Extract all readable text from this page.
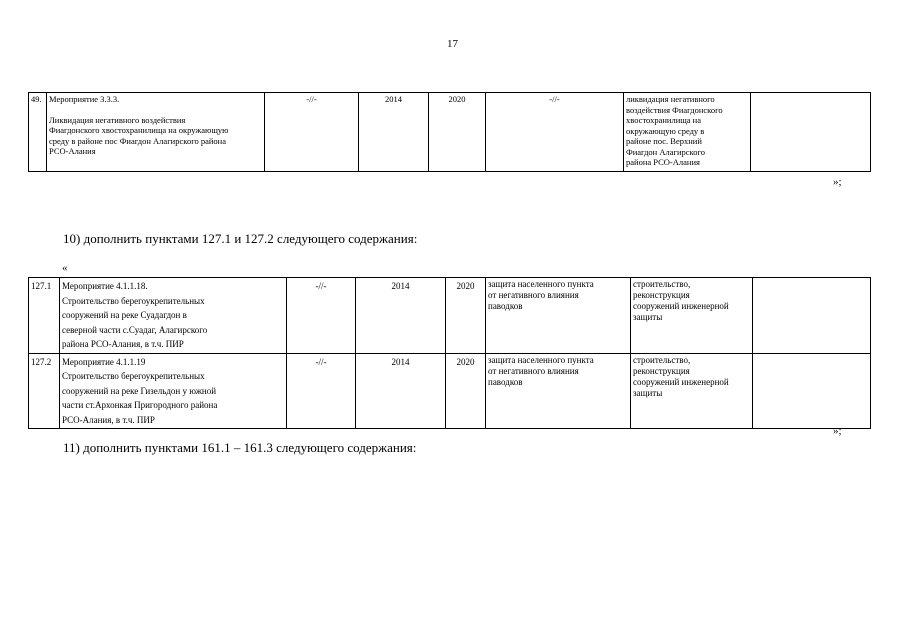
17
49.	Мероприятие 3.3.3.
Ликвидация негативного воздействия
Фиагдонского хвостохранилища на окружающую
среду в районе пос Фиагдон Алагирского района
РСО-Алания
	-//-	2014	2020	-//-	ликвидация негативного
воздействия Фиагдонского
хвостохранилища на
окружающую среду в
районе пос. Верхний
Фиагдон Алагирского
района РСО-Алания

»;
10) дополнить пунктами 127.1 и 127.2 следующего содержания:
«
127.1	Мероприятие 4.1.1.18.
Строительство берегоукрепительных
сооружений на реке Суадагдон в
северной части с.Суадаг, Алагирского
района РСО-Алания, в т.ч. ПИР	-//-	2014	2020	защита населенного пункта
от негативного влияния
паводков	строительство,
реконструкция
сооружений инженерной
защиты	

127.2	Мероприятие 4.1.1.19
Строительство берегоукрепительных
сооружений на реке Гизельдон у южной
части ст.Архонкая Пригородного района
РСО-Алания, в т.ч. ПИР	-//-	2014	2020	защита населенного пункта
от негативного влияния
паводков	строительство,
реконструкция
сооружений инженерной
защиты	

»;
11) дополнить пунктами 161.1 – 161.3 следующего содержания:
